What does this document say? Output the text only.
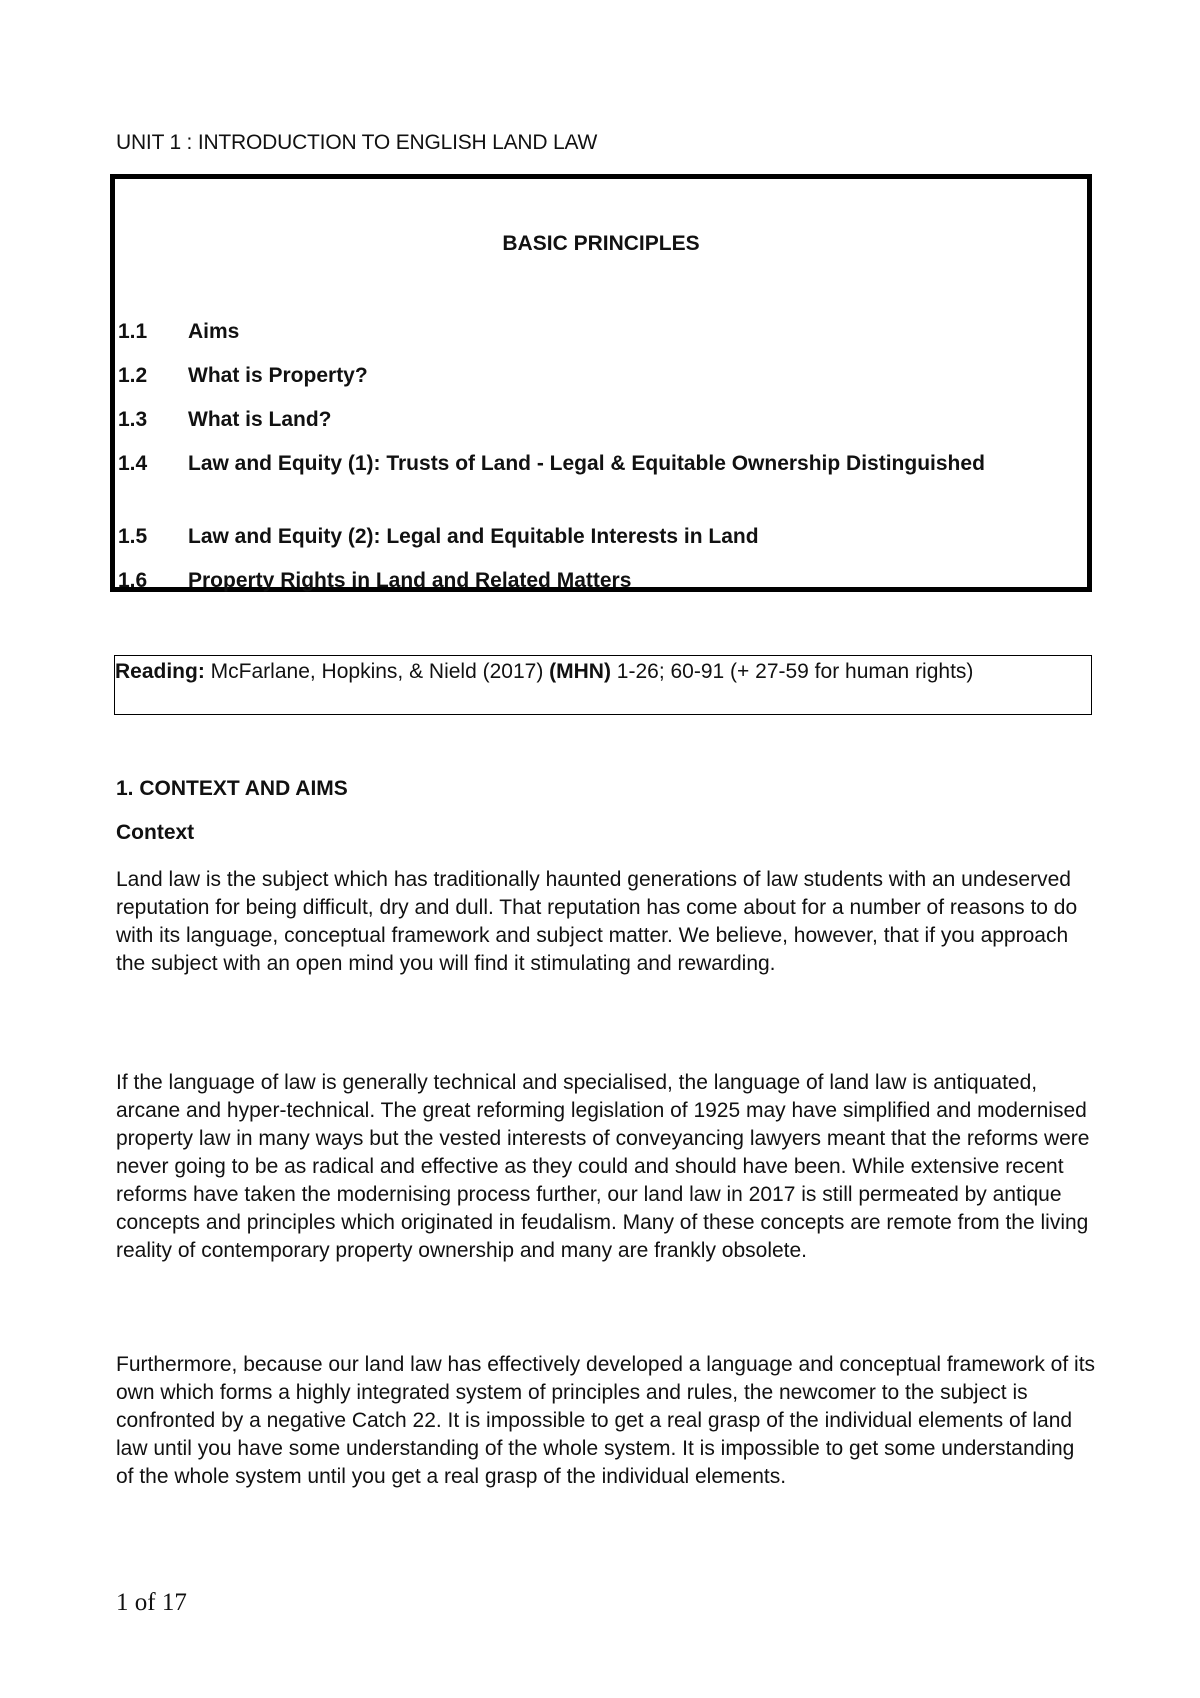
UNIT 1 : INTRODUCTION TO ENGLISH LAND LAW
BASIC PRINCIPLES
1.1 Aims
1.2 What is Property?
1.3 What is Land?
1.4 Law and Equity (1): Trusts of Land - Legal & Equitable Ownership Distinguished
1.5 Law and Equity (2): Legal and Equitable Interests in Land
1.6 Property Rights in Land and Related Matters
Reading: McFarlane, Hopkins, & Nield (2017) (MHN) 1-26; 60-91 (+ 27-59 for human rights)
1. CONTEXT AND AIMS
Context
Land law is the subject which has traditionally haunted generations of law students with an undeserved reputation for being difficult, dry and dull. That reputation has come about for a number of reasons to do with its language, conceptual framework and subject matter. We believe, however, that if you approach the subject with an open mind you will find it stimulating and rewarding.
If the language of law is generally technical and specialised, the language of land law is antiquated, arcane and hyper-technical. The great reforming legislation of 1925 may have simplified and modernised property law in many ways but the vested interests of conveyancing lawyers meant that the reforms were never going to be as radical and effective as they could and should have been. While extensive recent reforms have taken the modernising process further, our land law in 2017 is still permeated by antique concepts and principles which originated in feudalism. Many of these concepts are remote from the living reality of contemporary property ownership and many are frankly obsolete.
Furthermore, because our land law has effectively developed a language and conceptual framework of its own which forms a highly integrated system of principles and rules, the newcomer to the subject is confronted by a negative Catch 22. It is impossible to get a real grasp of the individual elements of land law until you have some understanding of the whole system. It is impossible to get some understanding of the whole system until you get a real grasp of the individual elements.
1 of 17
